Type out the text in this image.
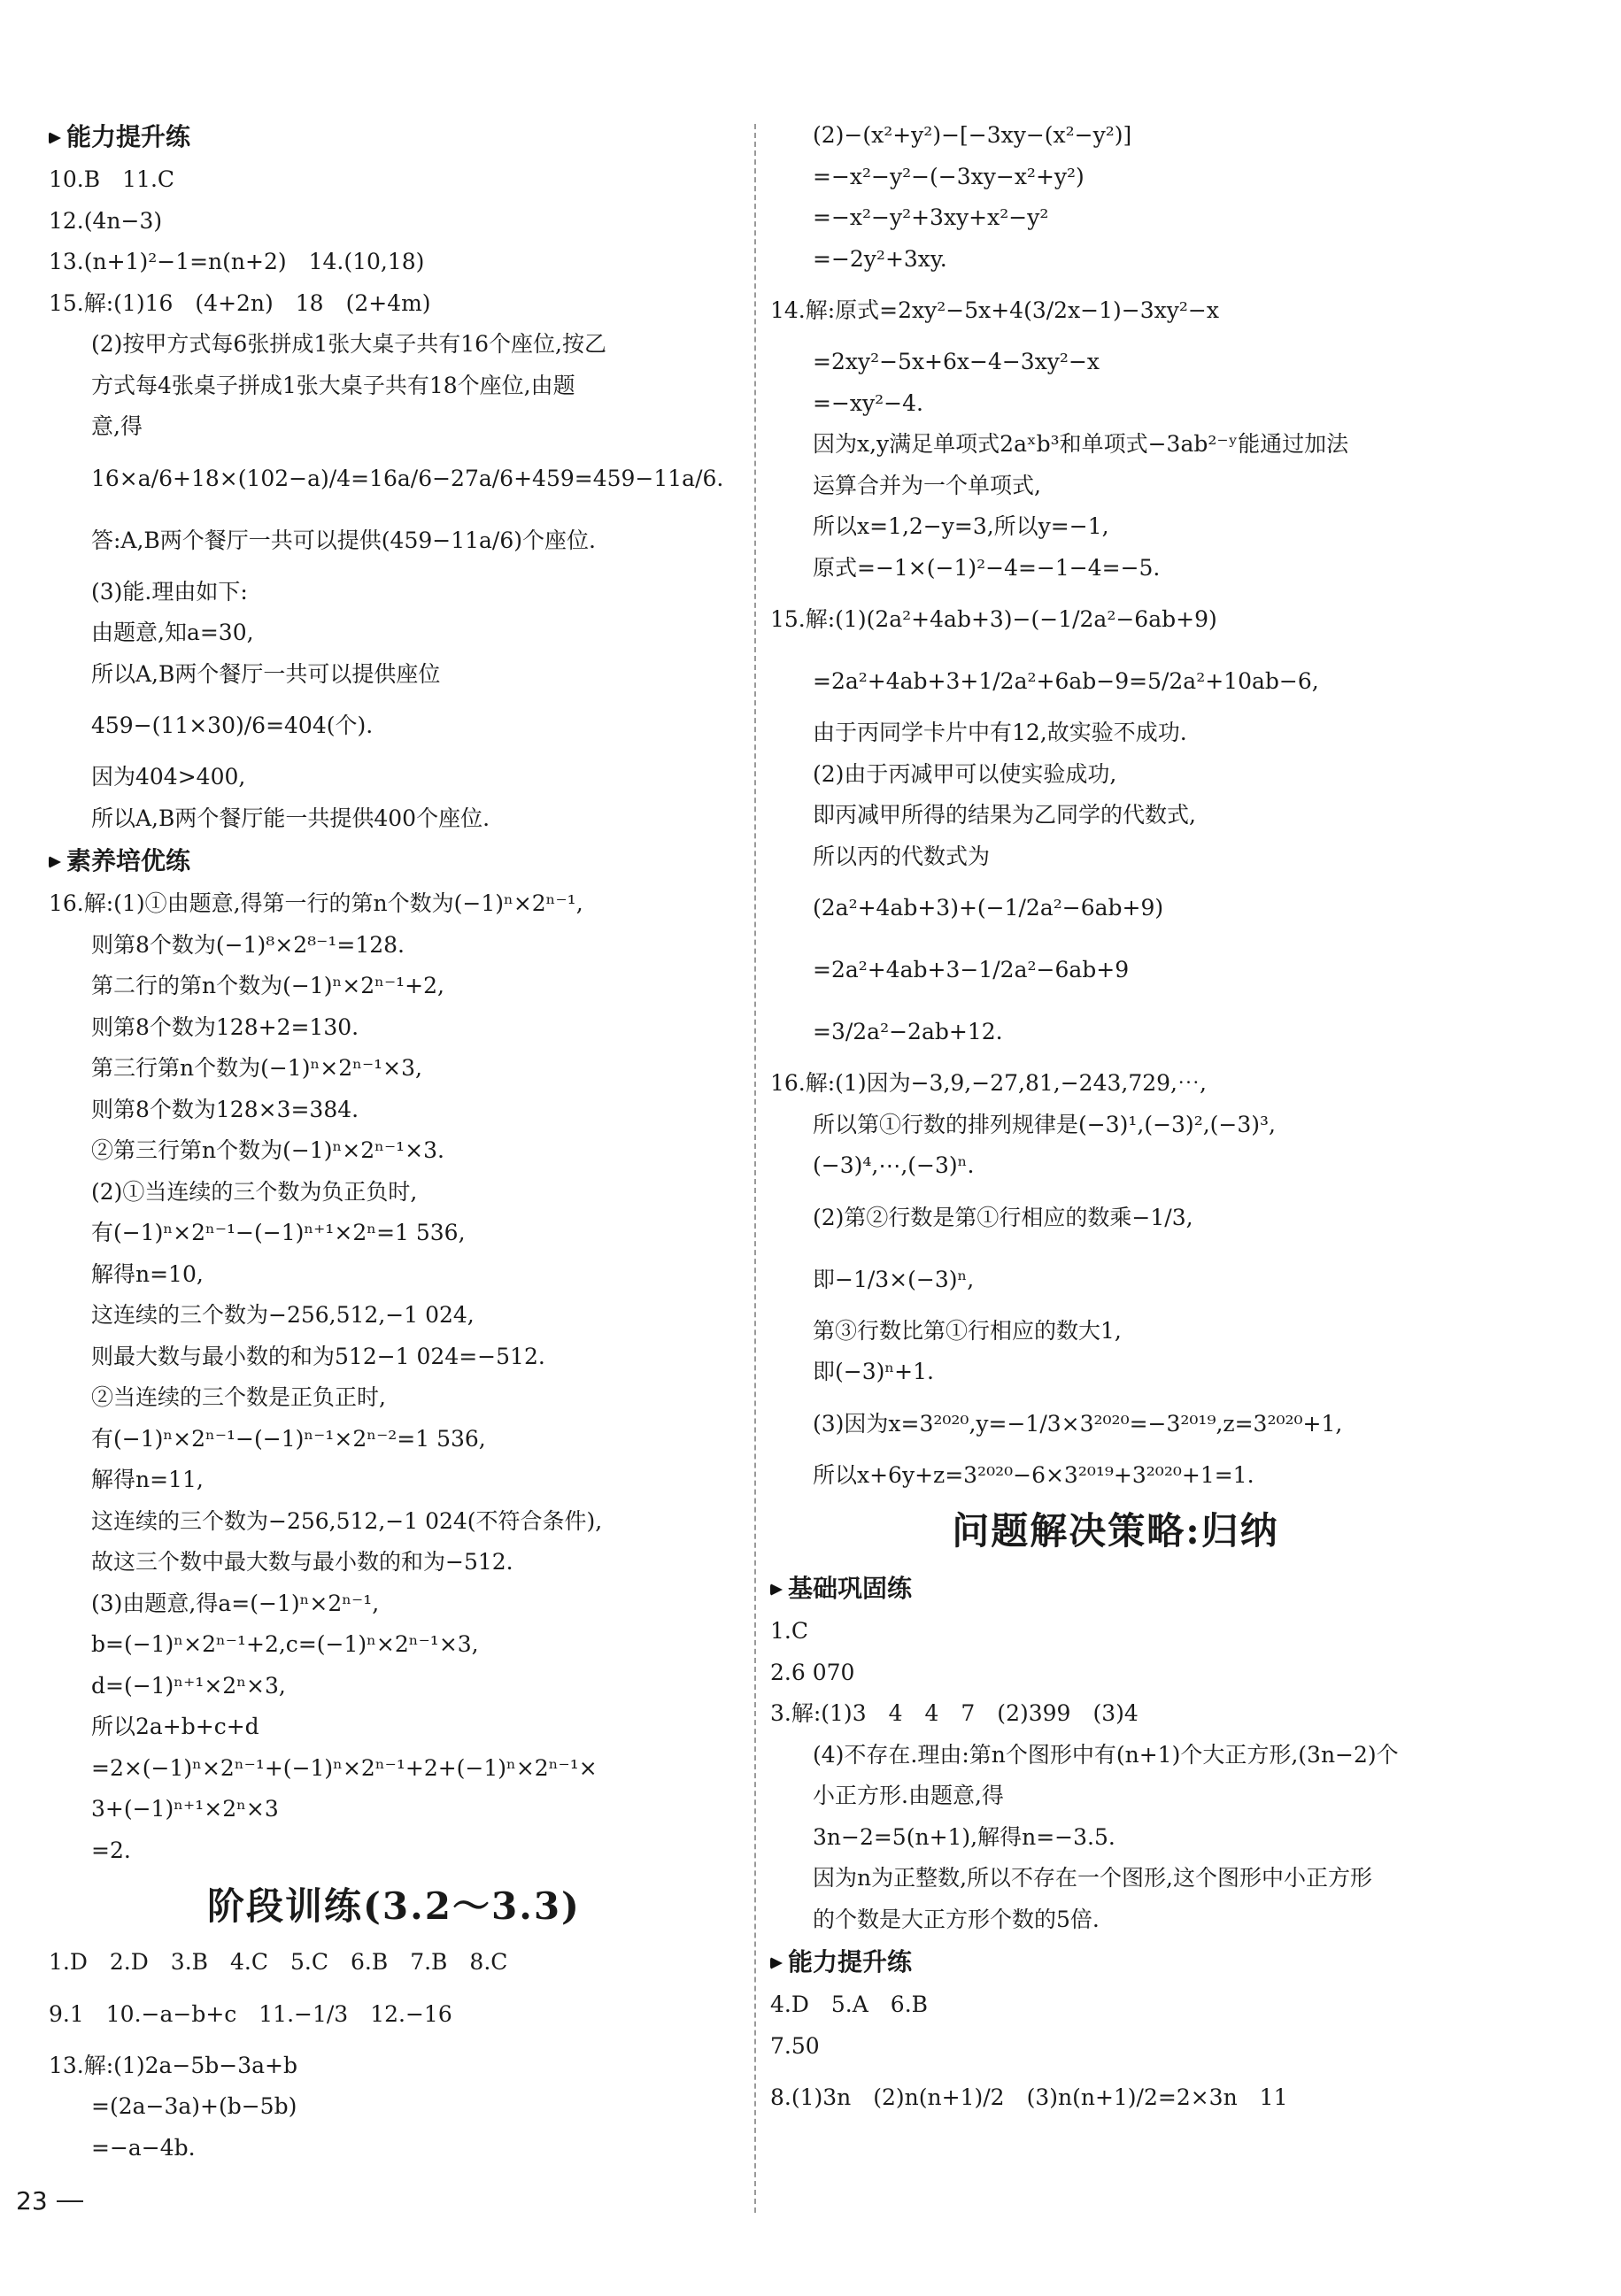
能力提升练
10.B　11.C
12.(4n−3)
13.(n+1)²−1=n(n+2)　14.(10,18)
15.解:(1)16　(4+2n)　18　(2+4m)
(2)按甲方式每6张拼成1张大桌子共有16个座位,按乙
方式每4张桌子拼成1张大桌子共有18个座位,由题
意,得
16×a/6+18×(102−a)/4=16a/6−27a/6+459=459−11a/6.
答:A,B两个餐厅一共可以提供(459−11a/6)个座位.
(3)能.理由如下:
由题意,知a=30,
所以A,B两个餐厅一共可以提供座位
459−(11×30)/6=404(个).
因为404>400,
所以A,B两个餐厅能一共提供400个座位.
素养培优练
16.解:(1)①由题意,得第一行的第n个数为(−1)ⁿ×2ⁿ⁻¹,
则第8个数为(−1)⁸×2⁸⁻¹=128.
第二行的第n个数为(−1)ⁿ×2ⁿ⁻¹+2,
则第8个数为128+2=130.
第三行第n个数为(−1)ⁿ×2ⁿ⁻¹×3,
则第8个数为128×3=384.
②第三行第n个数为(−1)ⁿ×2ⁿ⁻¹×3.
(2)①当连续的三个数为负正负时,
有(−1)ⁿ×2ⁿ⁻¹−(−1)ⁿ⁺¹×2ⁿ=1 536,
解得n=10,
这连续的三个数为−256,512,−1 024,
则最大数与最小数的和为512−1 024=−512.
②当连续的三个数是正负正时,
有(−1)ⁿ×2ⁿ⁻¹−(−1)ⁿ⁻¹×2ⁿ⁻²=1 536,
解得n=11,
这连续的三个数为−256,512,−1 024(不符合条件),
故这三个数中最大数与最小数的和为−512.
(3)由题意,得a=(−1)ⁿ×2ⁿ⁻¹,
b=(−1)ⁿ×2ⁿ⁻¹+2,c=(−1)ⁿ×2ⁿ⁻¹×3,
d=(−1)ⁿ⁺¹×2ⁿ×3,
所以2a+b+c+d
=2×(−1)ⁿ×2ⁿ⁻¹+(−1)ⁿ×2ⁿ⁻¹+2+(−1)ⁿ×2ⁿ⁻¹×
3+(−1)ⁿ⁺¹×2ⁿ×3
=2.
阶段训练(3.2～3.3)
1.D　2.D　3.B　4.C　5.C　6.B　7.B　8.C
9.1　10.−a−b+c　11.−1/3　12.−16
13.解:(1)2a−5b−3a+b
=(2a−3a)+(b−5b)
=−a−4b.
(2)−(x²+y²)−[−3xy−(x²−y²)]
=−x²−y²−(−3xy−x²+y²)
=−x²−y²+3xy+x²−y²
=−2y²+3xy.
14.解:原式=2xy²−5x+4(3/2x−1)−3xy²−x
=2xy²−5x+6x−4−3xy²−x
=−xy²−4.
因为x,y满足单项式2aˣb³和单项式−3ab²⁻ʸ能通过加法
运算合并为一个单项式,
所以x=1,2−y=3,所以y=−1,
原式=−1×(−1)²−4=−1−4=−5.
15.解:(1)(2a²+4ab+3)−(−1/2a²−6ab+9)
=2a²+4ab+3+1/2a²+6ab−9=5/2a²+10ab−6,
由于丙同学卡片中有12,故实验不成功.
(2)由于丙减甲可以使实验成功,
即丙减甲所得的结果为乙同学的代数式,
所以丙的代数式为
(2a²+4ab+3)+(−1/2a²−6ab+9)
=2a²+4ab+3−1/2a²−6ab+9
=3/2a²−2ab+12.
16.解:(1)因为−3,9,−27,81,−243,729,⋯,
所以第①行数的排列规律是(−3)¹,(−3)²,(−3)³,
(−3)⁴,⋯,(−3)ⁿ.
(2)第②行数是第①行相应的数乘−1/3,
即−1/3×(−3)ⁿ,
第③行数比第①行相应的数大1,
即(−3)ⁿ+1.
(3)因为x=3²⁰²⁰,y=−1/3×3²⁰²⁰=−3²⁰¹⁹,z=3²⁰²⁰+1,
所以x+6y+z=3²⁰²⁰−6×3²⁰¹⁹+3²⁰²⁰+1=1.
问题解决策略:归纳
基础巩固练
1.C
2.6 070
3.解:(1)3　4　4　7　(2)399　(3)4
(4)不存在.理由:第n个图形中有(n+1)个大正方形,(3n−2)个
小正方形.由题意,得
3n−2=5(n+1),解得n=−3.5.
因为n为正整数,所以不存在一个图形,这个图形中小正方形
的个数是大正方形个数的5倍.
能力提升练
4.D　5.A　6.B
7.50
8.(1)3n　(2)n(n+1)/2　(3)n(n+1)/2=2×3n　11
23
